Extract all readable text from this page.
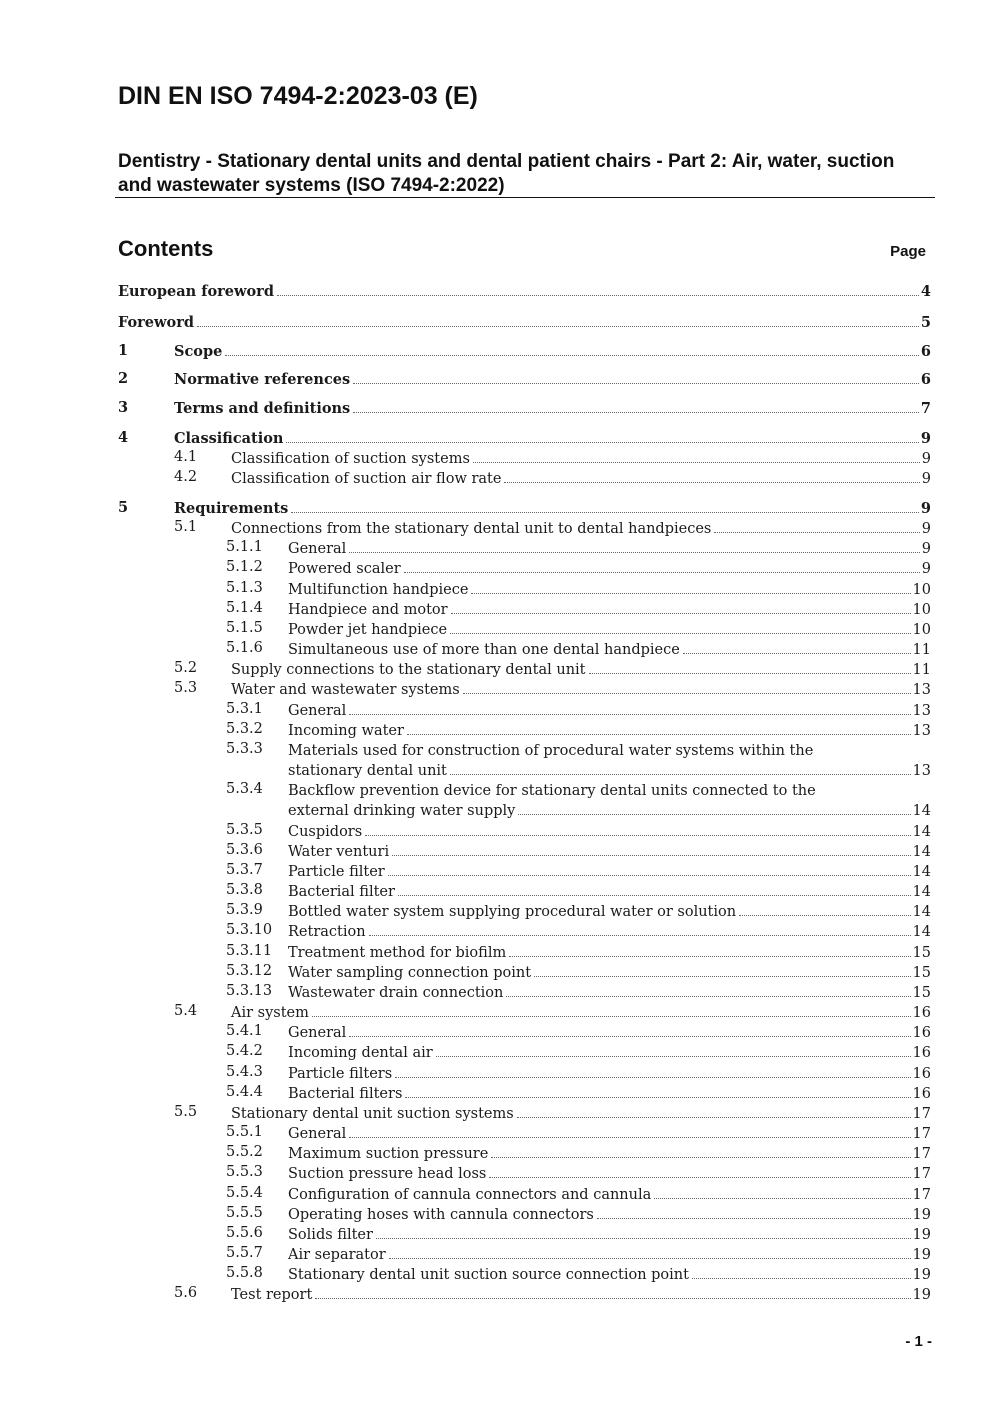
DIN EN ISO 7494-2:2023-03 (E)
Dentistry - Stationary dental units and dental patient chairs - Part 2: Air, water, suction and wastewater systems (ISO 7494-2:2022)
Contents	Page
European foreword	4
Foreword	5
1	Scope	6
2	Normative references	6
3	Terms and definitions	7
4	Classification	9
4.1 Classification of suction systems	9
4.2 Classification of suction air flow rate	9
5	Requirements	9
5.1 Connections from the stationary dental unit to dental handpieces	9
5.1.1 General	9
5.1.2 Powered scaler	9
5.1.3 Multifunction handpiece	10
5.1.4 Handpiece and motor	10
5.1.5 Powder jet handpiece	10
5.1.6 Simultaneous use of more than one dental handpiece	11
5.2 Supply connections to the stationary dental unit	11
5.3 Water and wastewater systems	13
5.3.1 General	13
5.3.2 Incoming water	13
5.3.3 Materials used for construction of procedural water systems within the
stationary dental unit	13
5.3.4 Backflow prevention device for stationary dental units connected to the
external drinking water supply	14
5.3.5 Cuspidors	14
5.3.6 Water venturi	14
5.3.7 Particle filter	14
5.3.8 Bacterial filter	14
5.3.9 Bottled water system supplying procedural water or solution	14
5.3.10 Retraction	14
5.3.11 Treatment method for biofilm	15
5.3.12 Water sampling connection point	15
5.3.13 Wastewater drain connection	15
5.4 Air system	16
5.4.1 General	16
5.4.2 Incoming dental air	16
5.4.3 Particle filters	16
5.4.4 Bacterial filters	16
5.5 Stationary dental unit suction systems	17
5.5.1 General	17
5.5.2 Maximum suction pressure	17
5.5.3 Suction pressure head loss	17
5.5.4 Configuration of cannula connectors and cannula	17
5.5.5 Operating hoses with cannula connectors	19
5.5.6 Solids filter	19
5.5.7 Air separator	19
5.5.8 Stationary dental unit suction source connection point	19
5.6 Test report	19
- 1 -
